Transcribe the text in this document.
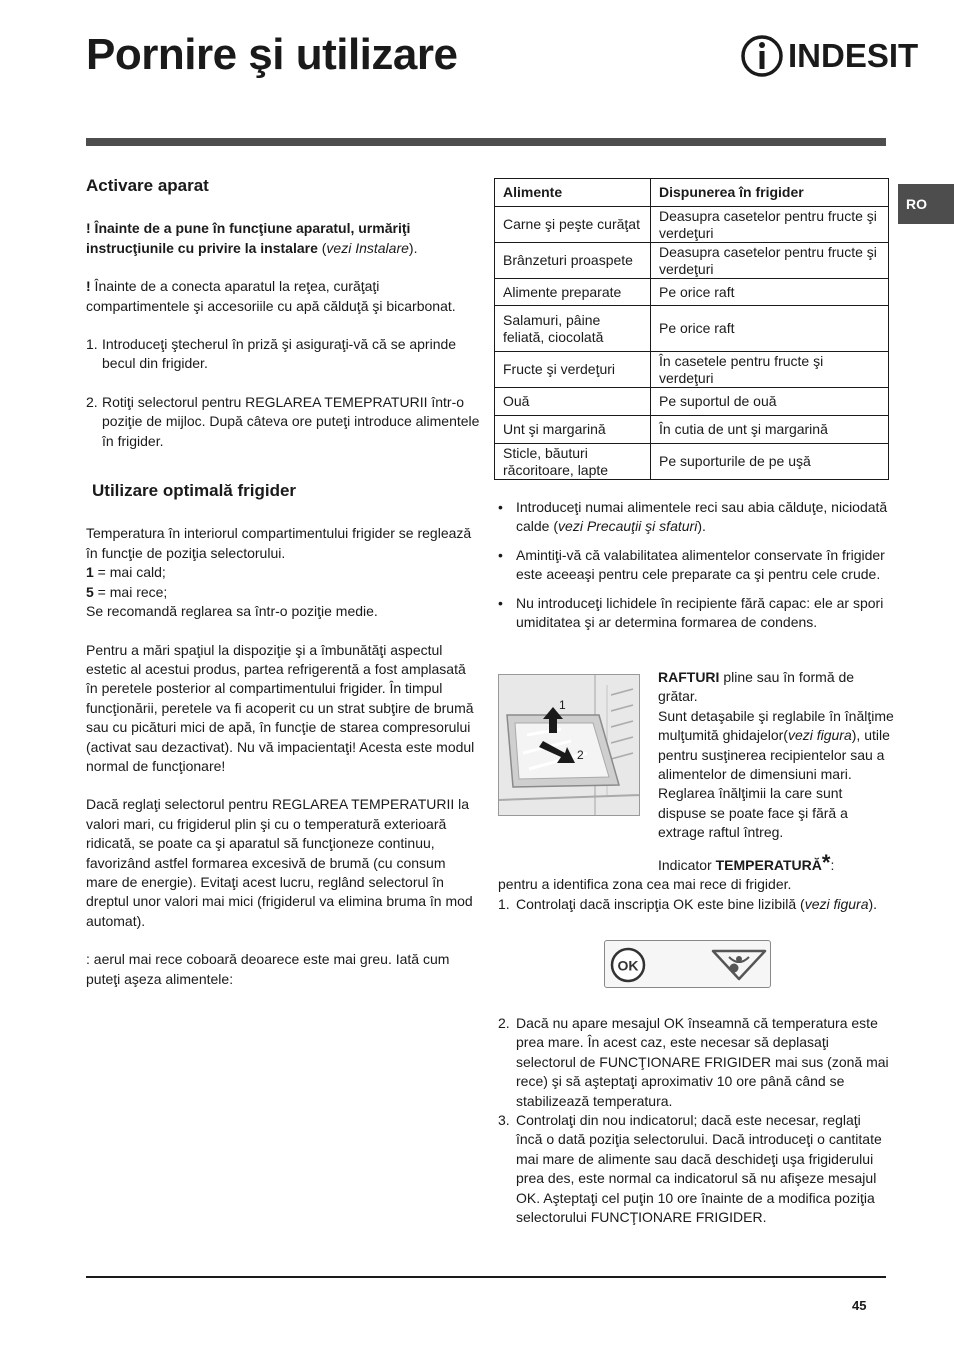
Pornire şi utilizare	INDESIT
RO
Activare aparat
! Înainte de a pune în funcţiune aparatul, urmăriţi instrucţiunile cu privire la instalare (vezi Instalare).
! Înainte de a conecta aparatul la reţea, curăţaţi compartimentele şi accesoriile cu apă călduţă şi bicarbonat.
1. Introduceţi ştecherul în priză şi asiguraţi-vă că se aprinde becul din frigider.
2. Rotiţi selectorul pentru REGLAREA TEMEPRATURII într-o poziţie de mijloc. După câteva ore puteţi introduce alimentele în frigider.
Utilizare optimală frigider
Temperatura în interiorul compartimentului frigider se reglează în funcţie de poziţia selectorului.
1 = mai cald;
5 = mai rece;
Se recomandă reglarea sa într-o poziţie medie.
Pentru a mări spaţiul la dispoziţie şi a îmbunătăţi aspectul estetic al acestui produs, partea refrigerentă a fost amplasată în peretele posterior al compartimentului frigider. În timpul funcţionării, peretele va fi acoperit cu un strat subţire de brumă sau cu picături mici de apă, în funcţie de starea compresorului (activat sau dezactivat). Nu vă impacientaţi! Acesta este modul normal de funcţionare!
Dacă reglaţi selectorul pentru REGLAREA TEMPERATURII la valori mari, cu frigiderul plin şi cu o temperatură exterioară ridicată, se poate ca şi aparatul să funcţioneze continuu, favorizând astfel formarea excesivă de brumă (cu consum mare de energie). Evitaţi acest lucru, reglând selectorul în dreptul unor valori mai mici (frigiderul va elimina bruma în mod automat).
: aerul mai rece coboară deoarece este mai greu. Iată cum puteţi aşeza alimentele:
Alimente	Dispunerea în frigider
Carne şi peşte curăţat	Deasupra casetelor pentru fructe şi verdeţuri
Brânzeturi proaspete	Deasupra casetelor pentru fructe şi verdeţuri
Alimente preparate	Pe orice raft
Salamuri, pâine feliată, ciocolată	Pe orice raft
Fructe şi verdeţuri	În casetele pentru fructe şi verdeţuri
Ouă	Pe suportul de ouă
Unt şi margarină	În cutia de unt şi margarină
Sticle, băuturi răcoritoare, lapte	Pe suporturile de pe uşă
• Introduceţi numai alimentele reci sau abia călduţe, niciodată calde (vezi Precauţii şi sfaturi).
• Amintiţi-vă că valabilitatea alimentelor conservate în frigider este aceeaşi pentru cele preparate ca şi pentru cele crude.
• Nu introduceţi lichidele în recipiente fără capac: ele ar spori umiditatea şi ar determina formarea de condens.
1
2
RAFTURI pline sau în formă de grătar.
Sunt detaşabile şi reglabile în înălţime mulţumită ghidajelor(vezi figura), utile pentru susţinerea recipientelor sau a alimentelor de dimensiuni mari. Reglarea înălţimii la care sunt dispuse se poate face şi fără a extrage raftul întreg.
Indicator TEMPERATURĂ*:
pentru a identifica zona cea mai rece di frigider.
1. Controlaţi dacă inscripţia OK este bine lizibilă (vezi figura).
OK
2. Dacă nu apare mesajul OK înseamnă că temperatura este prea mare. În acest caz, este necesar să deplasaţi selectorul de FUNCŢIONARE FRIGIDER mai sus (zonă mai rece) şi să aşteptaţi aproximativ 10 ore până când se stabilizează temperatura.
3. Controlaţi din nou indicatorul; dacă este necesar, reglaţi încă o dată poziţia selectorului. Dacă introduceţi o cantitate mai mare de alimente sau dacă deschideţi uşa frigiderului prea des, este normal ca indicatorul să nu afişeze mesajul OK. Aşteptaţi cel puţin 10 ore înainte de a modifica poziţia selectorului FUNCŢIONARE FRIGIDER.
45
